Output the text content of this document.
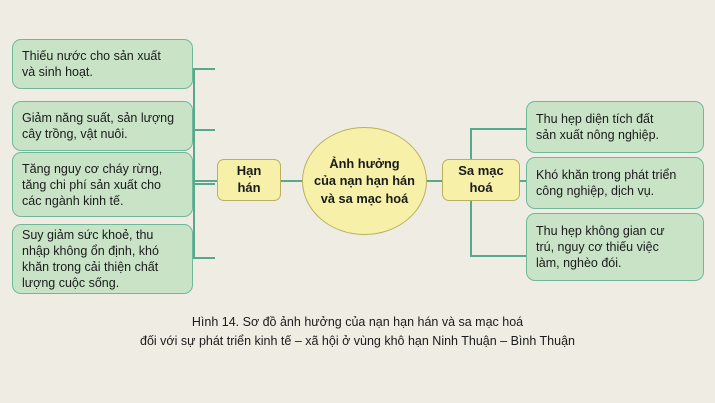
Thiếu nước cho sản xuất
và sinh hoạt.
Giảm năng suất, sản lượng
cây trồng, vật nuôi.
Tăng nguy cơ cháy rừng,
tăng chi phí sản xuất cho
các ngành kinh tế.
Suy giảm sức khoẻ, thu
nhập không ổn định, khó
khăn trong cải thiện chất
lượng cuộc sống.
Hạn hán
Sa mạc hoá
Ảnh hưởng
của nạn hạn hán
và sa mạc hoá
Thu hẹp diện tích đất
sản xuất nông nghiệp.
Khó khăn trong phát triển
công nghiệp, dịch vụ.
Thu hẹp không gian cư
trú, nguy cơ thiếu việc
làm, nghèo đói.
Hình 14. Sơ đồ ảnh hưởng của nạn hạn hán và sa mạc hoá
đối với sự phát triển kinh tế – xã hội ở vùng khô hạn Ninh Thuận – Bình Thuận
